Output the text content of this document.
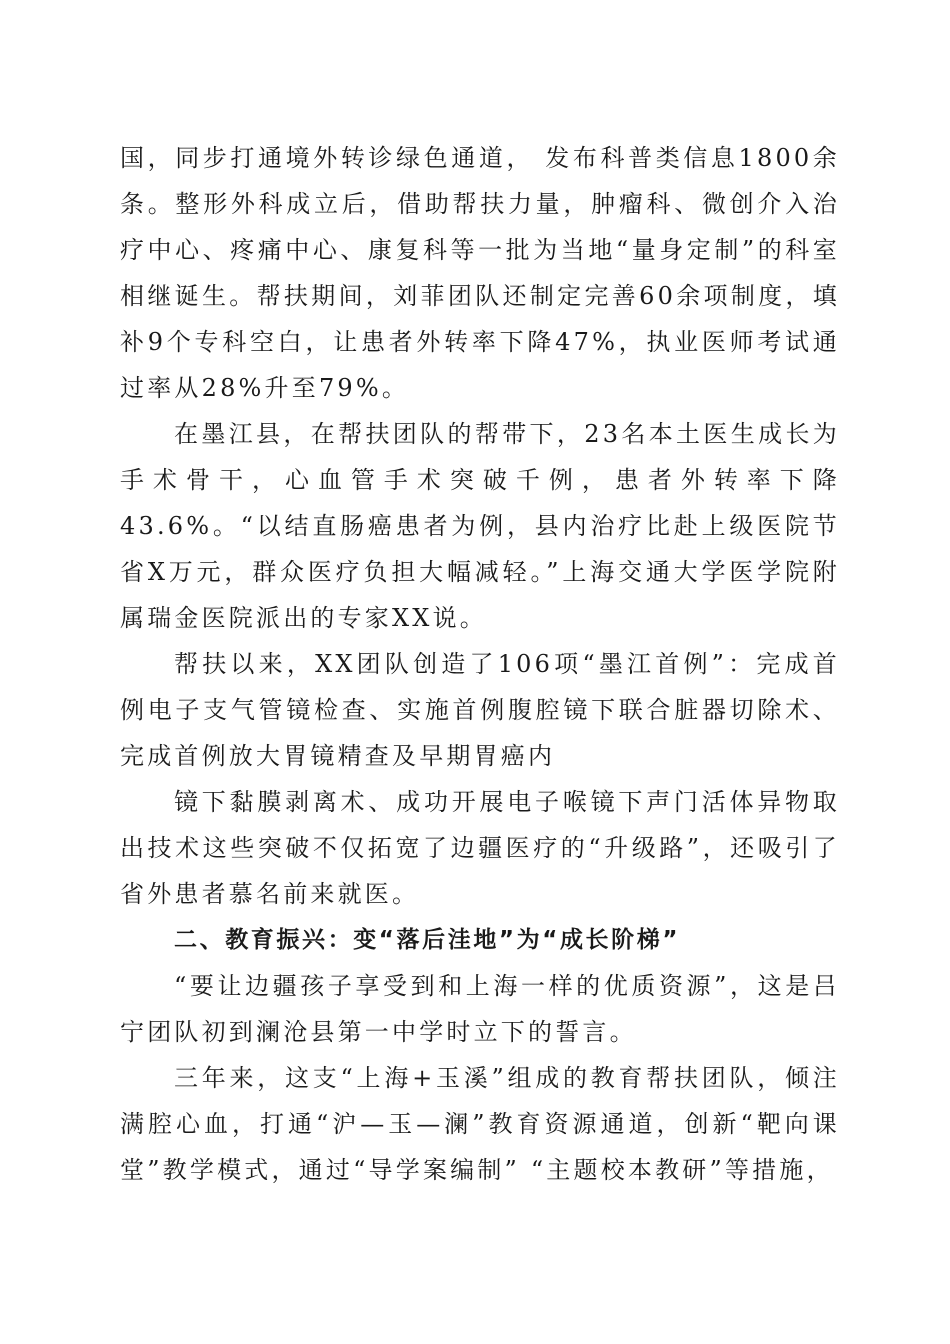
国，同步打通境外转诊绿色通道， 发布科普类信息1800余条。整形外科成立后，借助帮扶力量，肿瘤科、微创介入治疗中心、疼痛中心、康复科等一批为当地“量身定制”的科室相继诞生。帮扶期间，刘菲团队还制定完善60余项制度，填补9个专科空白，让患者外转率下降47%，执业医师考试通过率从28%升至79%。

在墨江县，在帮扶团队的帮带下，23名本土医生成长为手术骨干，心血管手术突破千例，患者外转率下降43.6%。“以结直肠癌患者为例，县内治疗比赴上级医院节省X万元，群众医疗负担大幅减轻。”上海交通大学医学院附属瑞金医院派出的专家XX说。

帮扶以来，XX团队创造了106项“墨江首例”：完成首例电子支气管镜检查、实施首例腹腔镜下联合脏器切除术、完成首例放大胃镜精查及早期胃癌内

镜下黏膜剥离术、成功开展电子喉镜下声门活体异物取出技术这些突破不仅拓宽了边疆医疗的“升级路”，还吸引了省外患者慕名前来就医。

二、教育振兴：变“落后洼地”为“成长阶梯”

“要让边疆孩子享受到和上海一样的优质资源”，这是吕宁团队初到澜沧县第一中学时立下的誓言。

三年来，这支“上海+玉溪”组成的教育帮扶团队，倾注满腔心血，打通“沪—玉—澜”教育资源通道，创新“靶向课堂”教学模式，通过“导学案编制” “主题校本教研”等措施，
